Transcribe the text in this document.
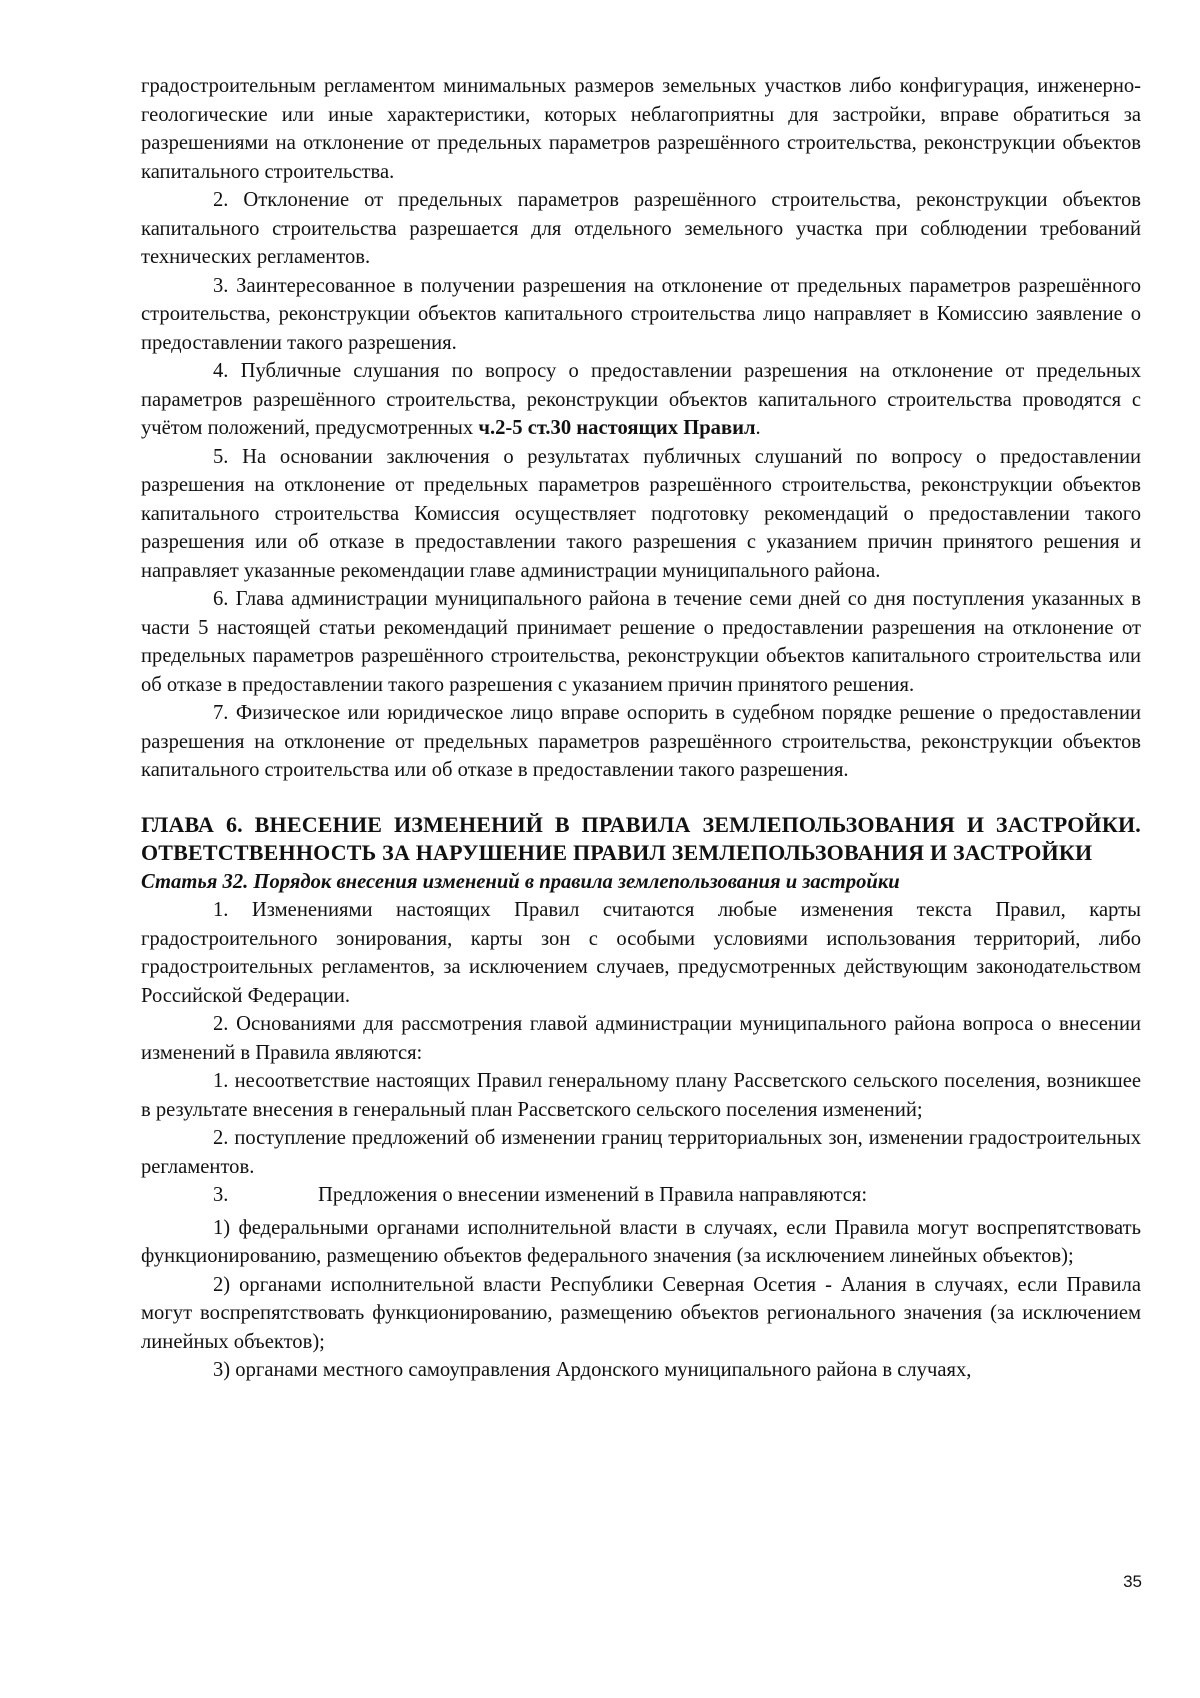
градостроительным регламентом минимальных размеров земельных участков либо конфигурация, инженерно-геологические или иные характеристики, которых неблагоприятны для застройки, вправе обратиться за разрешениями на отклонение от предельных параметров разрешённого строительства, реконструкции объектов капитального строительства.

2. Отклонение от предельных параметров разрешённого строительства, реконструкции объектов капитального строительства разрешается для отдельного земельного участка при соблюдении требований технических регламентов.

3. Заинтересованное в получении разрешения на отклонение от предельных параметров разрешённого строительства, реконструкции объектов капитального строительства лицо направляет в Комиссию заявление о предоставлении такого разрешения.

4. Публичные слушания по вопросу о предоставлении разрешения на отклонение от предельных параметров разрешённого строительства, реконструкции объектов капитального строительства проводятся с учётом положений, предусмотренных ч.2-5 ст.30 настоящих Правил.

5. На основании заключения о результатах публичных слушаний по вопросу о предоставлении разрешения на отклонение от предельных параметров разрешённого строительства, реконструкции объектов капитального строительства Комиссия осуществляет подготовку рекомендаций о предоставлении такого разрешения или об отказе в предоставлении такого разрешения с указанием причин принятого решения и направляет указанные рекомендации главе администрации муниципального района.

6. Глава администрации муниципального района в течение семи дней со дня поступления указанных в части 5 настоящей статьи рекомендаций принимает решение о предоставлении разрешения на отклонение от предельных параметров разрешённого строительства, реконструкции объектов капитального строительства или об отказе в предоставлении такого разрешения с указанием причин принятого решения.

7. Физическое или юридическое лицо вправе оспорить в судебном порядке решение о предоставлении разрешения на отклонение от предельных параметров разрешённого строительства, реконструкции объектов капитального строительства или об отказе в предоставлении такого разрешения.

ГЛАВА 6. ВНЕСЕНИЕ ИЗМЕНЕНИЙ В ПРАВИЛА ЗЕМЛЕПОЛЬЗОВАНИЯ И ЗАСТРОЙКИ. ОТВЕТСТВЕННОСТЬ ЗА НАРУШЕНИЕ ПРАВИЛ ЗЕМЛЕПОЛЬЗОВАНИЯ И ЗАСТРОЙКИ

Статья 32. Порядок внесения изменений в правила землепользования и застройки

1. Изменениями настоящих Правил считаются любые изменения текста Правил, карты градостроительного зонирования, карты зон с особыми условиями использования территорий, либо градостроительных регламентов, за исключением случаев, предусмотренных действующим законодательством Российской Федерации.

2. Основаниями для рассмотрения главой администрации муниципального района вопроса о внесении изменений в Правила являются:

1. несоответствие настоящих Правил генеральному плану Рассветского сельского поселения, возникшее в результате внесения в генеральный план Рассветского сельского поселения изменений;

2. поступление предложений об изменении границ территориальных зон, изменении градостроительных регламентов.

3.	Предложения о внесении изменений в Правила направляются:

1) федеральными органами исполнительной власти в случаях, если Правила могут воспрепятствовать функционированию, размещению объектов федерального значения (за исключением линейных объектов);

2) органами исполнительной власти Республики Северная Осетия - Алания в случаях, если Правила могут воспрепятствовать функционированию, размещению объектов регионального значения (за исключением линейных объектов);

3) органами местного самоуправления Ардонского муниципального района в случаях,

35
